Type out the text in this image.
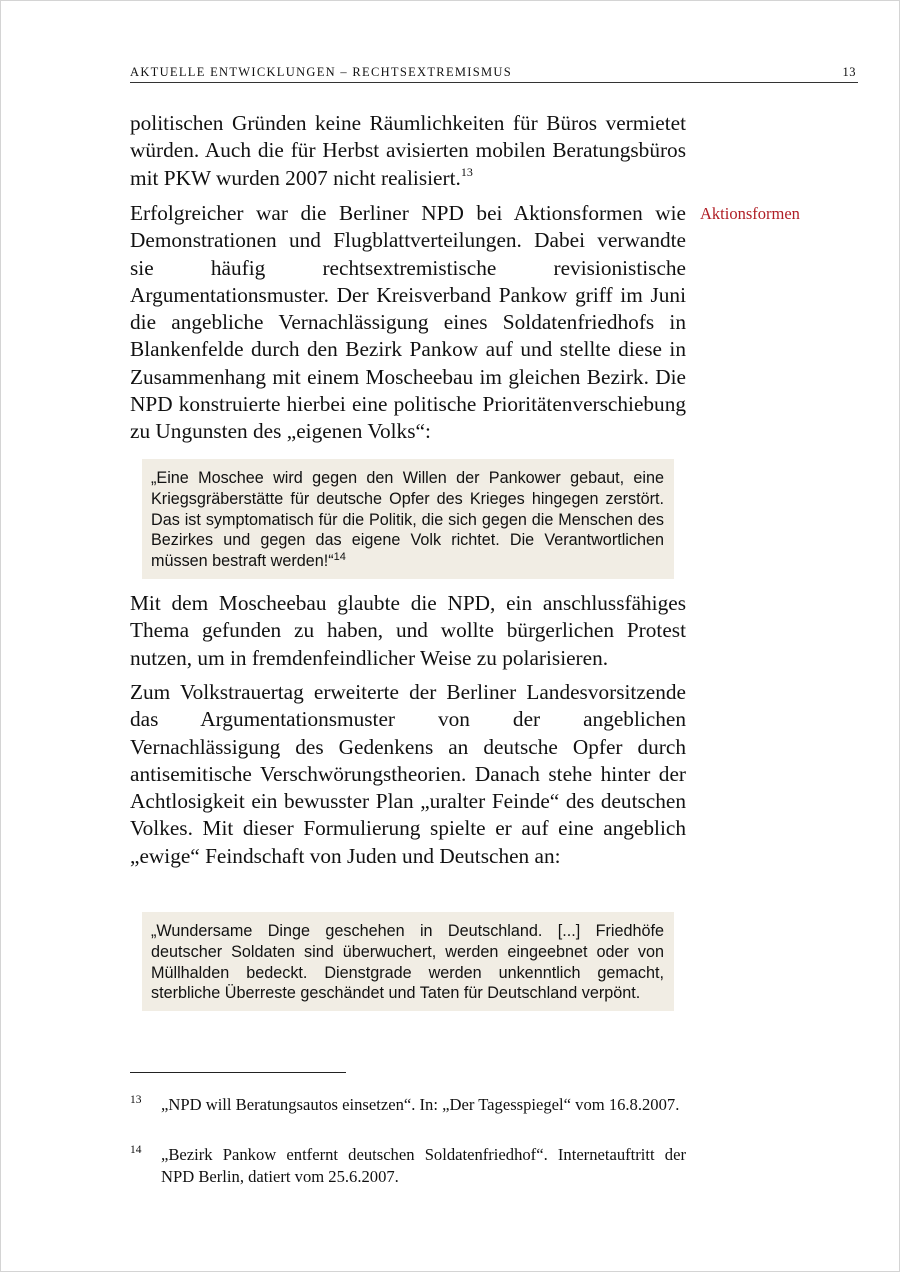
AKTUELLE ENTWICKLUNGEN – RECHTSEXTREMISMUS	13

politischen Gründen keine Räumlichkeiten für Büros vermietet würden. Auch die für Herbst avisierten mobilen Beratungsbüros mit PKW wurden 2007 nicht realisiert.$^{13}$

Aktionsformen

Erfolgreicher war die Berliner NPD bei Aktionsformen wie Demonstrationen und Flugblattverteilungen. Dabei verwandte sie häufig rechtsextremistische revisionistische Argumentationsmuster. Der Kreisverband Pankow griff im Juni die angebliche Vernachlässigung eines Soldatenfriedhofs in Blankenfelde durch den Bezirk Pankow auf und stellte diese in Zusammenhang mit einem Moscheebau im gleichen Bezirk. Die NPD konstruierte hierbei eine politische Prioritätenverschiebung zu Ungunsten des „eigenen Volks“:

„Eine Moschee wird gegen den Willen der Pankower gebaut, eine Kriegsgräberstätte für deutsche Opfer des Krieges hingegen zerstört. Das ist symptomatisch für die Politik, die sich gegen die Menschen des Bezirkes und gegen das eigene Volk richtet. Die Verantwortlichen müssen bestraft werden!“$^{14}$

Mit dem Moscheebau glaubte die NPD, ein anschlussfähiges Thema gefunden zu haben, und wollte bürgerlichen Protest nutzen, um in fremdenfeindlicher Weise zu polarisieren.

Zum Volkstrauertag erweiterte der Berliner Landesvorsitzende das Argumentationsmuster von der angeblichen Vernachlässigung des Gedenkens an deutsche Opfer durch antisemitische Verschwörungstheorien. Danach stehe hinter der Achtlosigkeit ein bewusster Plan „uralter Feinde“ des deutschen Volkes. Mit dieser Formulierung spielte er auf eine angeblich „ewige“ Feindschaft von Juden und Deutschen an:

„Wundersame Dinge geschehen in Deutschland. [...] Friedhöfe deutscher Soldaten sind überwuchert, werden eingeebnet oder von Müllhalden bedeckt. Dienstgrade werden unkenntlich gemacht, sterbliche Überreste geschändet und Taten für Deutschland verpönt.
13 „NPD will Beratungsautos einsetzen“. In: „Der Tagesspiegel“ vom 16.8.2007.
14 „Bezirk Pankow entfernt deutschen Soldatenfriedhof“. Internetauftritt der NPD Berlin, datiert vom 25.6.2007.
